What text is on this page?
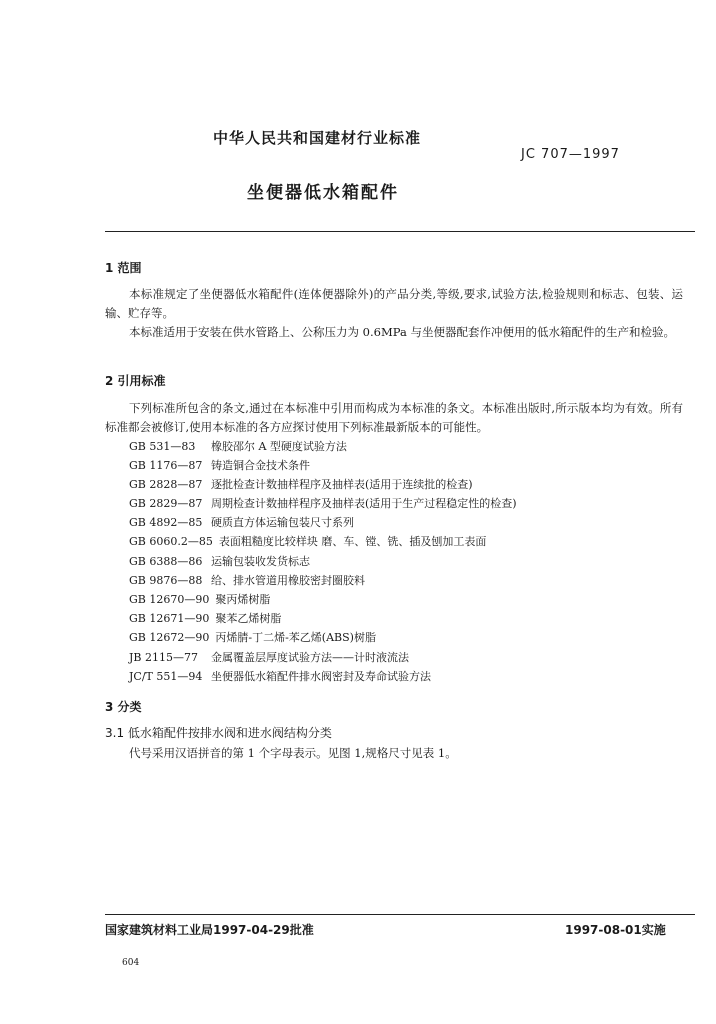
中华人民共和国建材行业标准
JC 707—1997
坐便器低水箱配件
1 范围
本标准规定了坐便器低水箱配件(连体便器除外)的产品分类,等级,要求,试验方法,检验规则和标志、包装、运输、贮存等。
本标准适用于安装在供水管路上、公称压力为 0.6MPa 与坐便器配套作冲便用的低水箱配件的生产和检验。
2 引用标准
下列标准所包含的条文,通过在本标准中引用而构成为本标准的条文。本标准出版时,所示版本均为有效。所有标准都会被修订,使用本标准的各方应探讨使用下列标准最新版本的可能性。
GB 531—83 橡胶邵尔 A 型硬度试验方法
GB 1176—87 铸造铜合金技术条件
GB 2828—87 逐批检查计数抽样程序及抽样表(适用于连续批的检查)
GB 2829—87 周期检查计数抽样程序及抽样表(适用于生产过程稳定性的检查)
GB 4892—85 硬质直方体运输包装尺寸系列
GB 6060.2—85 表面粗糙度比较样块 磨、车、镗、铣、插及刨加工表面
GB 6388—86 运输包装收发货标志
GB 9876—88 给、排水管道用橡胶密封圈胶料
GB 12670—90 聚丙烯树脂
GB 12671—90 聚苯乙烯树脂
GB 12672—90 丙烯腈-丁二烯-苯乙烯(ABS)树脂
JB 2115—77 金属覆盖层厚度试验方法——计时液流法
JC/T 551—94 坐便器低水箱配件排水阀密封及寿命试验方法
3 分类
3.1 低水箱配件按排水阀和进水阀结构分类
代号采用汉语拼音的第 1 个字母表示。见图 1,规格尺寸见表 1。
国家建筑材料工业局1997-04-29批准	1997-08-01实施
604
